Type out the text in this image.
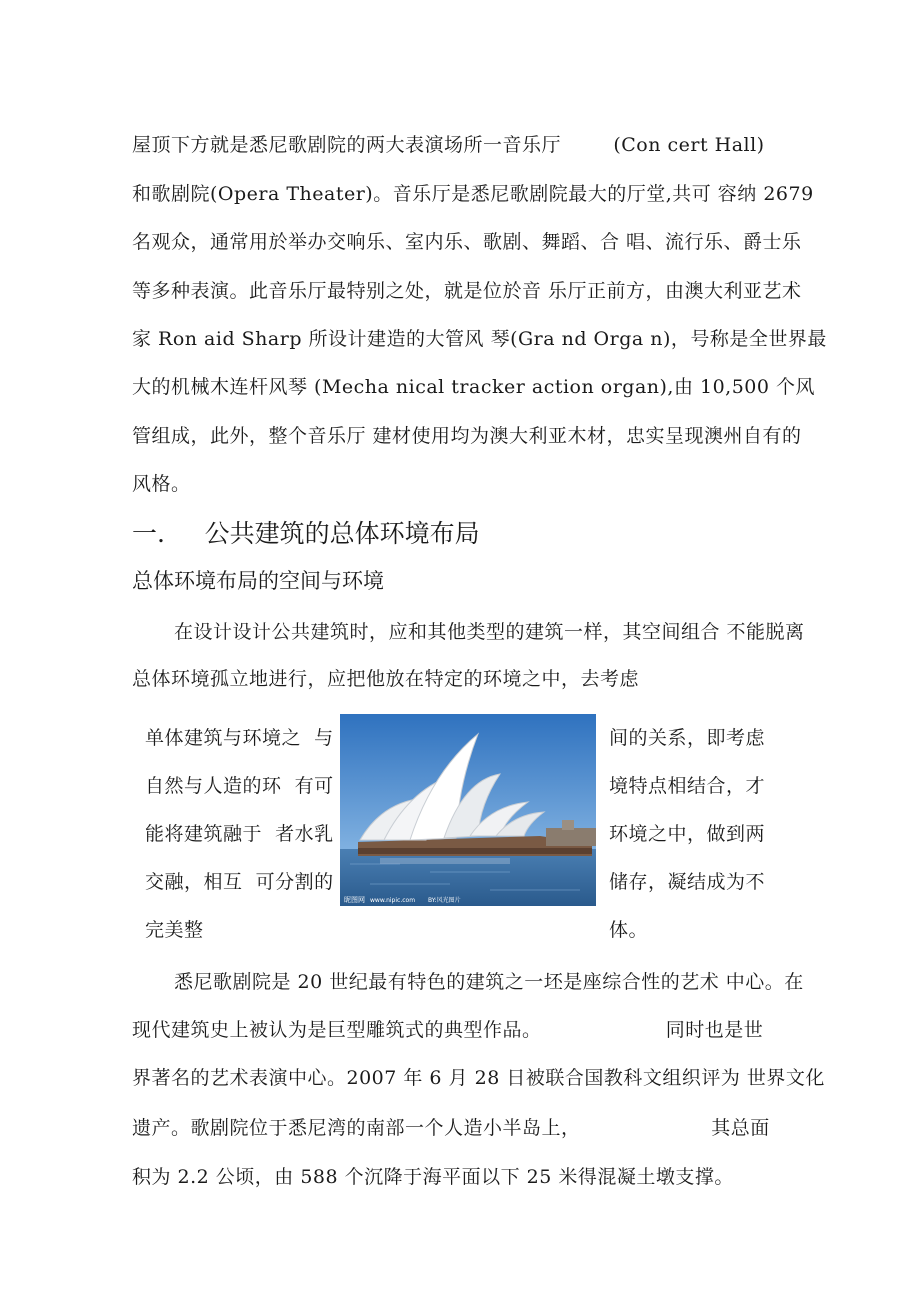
屋顶下方就是悉尼歌剧院的两大表演场所一音乐厅        (Con cert Hall)
和歌剧院(Opera Theater)。音乐厅是悉尼歌剧院最大的厅堂,共可 容纳 2679
名观众，通常用於举办交响乐、室内乐、歌剧、舞蹈、合 唱、流行乐、爵士乐
等多种表演。此音乐厅最特别之处，就是位於音 乐厅正前方，由澳大利亚艺术
家 Ron aid Sharp 所设计建造的大管风 琴(Gra nd Orga n)，号称是全世界最
大的机械木连杆风琴 (Mecha nical tracker action organ),由 10,500 个风
管组成，此外，整个音乐厅 建材使用均为澳大利亚木材，忠实呈现澳州自有的
风格。
一.     公共建筑的总体环境布局
总体环境布局的空间与环境
在设计设计公共建筑时，应和其他类型的建筑一样，其空间组合 不能脱离
总体环境孤立地进行，应把他放在特定的环境之中，去考虑
单体建筑与环境之  与
自然与人造的环  有可
能将建筑融于  者水乳
交融，相互  可分割的
完美整
间的关系，即考虑
境特点相结合，才
环境之中，做到两
储存，凝结成为不
体。
昵图网 www.nipic.com BY:风光图片
悉尼歌剧院是 20 世纪最有特色的建筑之一坯是座综合性的艺术 中心。在
现代建筑史上被认为是巨型雕筑式的典型作品。                   同时也是世
界著名的艺术表演中心。2007 年 6 月 28 日被联合国教科文组织评为 世界文化
遗产。歌剧院位于悉尼湾的南部一个人造小半岛上，                    其总面
积为 2.2 公顷，由 588 个沉降于海平面以下 25 米得混凝土墩支撑。
